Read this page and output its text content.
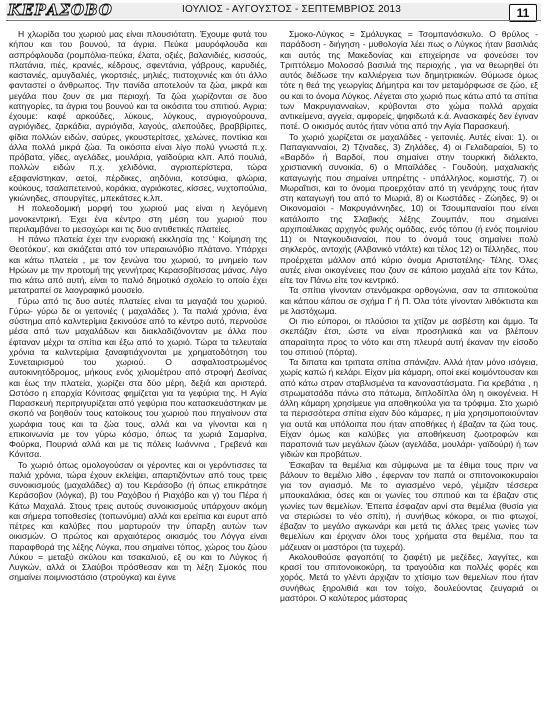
ΚΕΡΑΣΟΒΟ	ΙΟΥΛΙΟΣ - ΑΥΓΟΥΣΤΟΣ - ΣΕΠΤΕΜΒΡΙΟΣ 2013	11

Η χλωρίδα του χωριού μας είναι πλουσιότατη. Έχουμε φυτά του κήπου και του βουνού, τα άγρια. Πεύκα μαυρόφλουδα και ασπρόφλουδα (ρομπόλια-πεύκα, έλατα, οξιές, βαλανιδιές, κισσούς, πλατάνια, ιτιές, κρανιές, κέδρους, σφεντάνια, γάβρους, καρυδιές, καστανιές, αμυγδαλιές, γκορτσιές, μηλιές, πιστοχυνιές και ότι άλλο φανταστεί ο άνθρωπος. Την πανίδα αποτελούν τα ζώα, μικρά και μεγάλα που ζουν σε μια περιοχή. Τα ζώα χωρίζονται σε δυο κατηγορίες, τα άγρια του βουνού και τα οικόσιτα του σπιτιού. Αγρια: έχουμε: καφέ αρκούδες, λύκους, λύγκους, αγριογούρουνα, αγριόγιδες, ζαρκάδια, αγριόγιδα, λαγούς, αλεπούδες, βραββίριτες, φίδια πολλών ειδών, σαύρες, γκουστερίτσες, χελώνες, ποντίκια και άλλα πολλά μικρά ζώα. Τα οικόσιτα είναι λίγο πολύ γνωστά π.χ. πρόβατα, γίδες, αγελάδες, μουλάρια, γαϊδούρια κλπ. Από πουλιά, πολλών ειδών π.χ. χελιδόνια, αγριοπερίστερα, τώρα εξαφανίστηκαν, αετοί, πέρδικες, αηδόνια, κοτσύφια, φλώρια, κούκους, τσαλαπετεινού, κοράκια, αγριόκοτες, κίσσες, νυχτοπούλια, γκιώνηδες, σπουργίτες, μπεκάτσες κ.λπ.

Η πολεοδομική μορφή του χωριού μας είναι η λεγόμενη μονοκεντρική. Έχει ένα κέντρο στη μέση του χωριού που περιλαμβάνει το μεσοχώρι και τις δυο αντιθετικές πλατείες.

Η πάνω πλατεία έχει την ενοριακή εκκλησία της ‘ Κοίμηση της Θεοτόκου’, και σκιάζεται από τον υπεραιωνόβιο πλάτανο. Υπάρχει και κάτω πλατεία , με τον ξενώνα του χωριού, το μνημείο των Ηρώων με την προτομή της γεννήτρας Κερασοβίτισσας μάνας. Λίγο πιο κάτω από αυτή, είναι το παλιό δημοτικό σχολείο το οποίο έχει μετατραπεί σε λαογραφικό μουσείο.

Γύρω από τις δυο αυτές πλατείες είναι τα μαγαζιά του χωριού. Γύρω- γύρω δε οι γειτονιές ( μαχαλάδες ). Τα παλιά χρόνια, ένα σύστημα από καλντερίμια ξεκινούσε από το κέντρο αυτό, περνούσε μέσα από των μαχαλάδων και διακλαδιζόνονταν με άλλα που έφταναν μέχρι τα σπίτια και έξω από το χωριό. Τώρα τα τελευταία χρόνια τα καλντερίμια ξαναφτιάχνονται με χρηματοδότηση του Συνεταιρισμού του χωριού. Ο ασφαλτοστρωμένος αυτοκινητόδρομος, μήκους ενός χιλιομέτρου από στροφή Δεσίνας και έως την πλατεία, χωρίζει στα δύο μέρη, δεξιά και αριστερά. Ωστόσο η επαρχία Κόνιτσας φημίζεται για τα γεφύρια της. Η Αγία Παρασκευή περιτριγυρίζεται από γεφύρια που κατασκευάστηκαν με σκοπό να βοηθούν τους κατοίκους του χωριού που πηγαίνουν στα χωράφια τους και τα ζώα τους, αλλά και να γίνονται και η επικοινωνία με τον γύρω κόσμο, όπως τα χωριά Σαμαρίνα, Φούρκα, Πουρνιά αλλά και με τις πόλεις Ιωάννινα , Γρεβενά και Κόνιτσα.

Το χωριό όπως ομολογούσαν οι γέροντες και οι γερόντισσες τα παλιά χρόνια, τώρα έχουν εκλείψει, απαρτιζόντων από τους τρεις συνοικισμούς (μαχαλάδες) α) του Κεράσοβο (ή όπως επικράτησε Κεράσοβον (λόγκα), β) του Ραχόβου ή Ριαχόβο και γ) του Πέρα ή Κάτω Μαχαλά. Στους τρεις αυτούς συνοικισμούς υπάρχουν ακόμη και σήμερα τοποθεσίες (τοπωνύμια) αλλά και ερείπια και ευρυτ από πέτρες και καλύβες που μαρτυρούν την ύπαρξη αυτών των οικισμών. Ο πρώτος και αρχαιότερος οικισμός του Λόγγα είναι παραφθορά της λέξης Λύγκα, που σημαίνει τόπος, χώρος του ζώου Λύκου = μεταξύ σκύλου και τσακαλιού, εξ ου και το Λύγκος ή Λυγκών, αλλά οι Σλαύβοι πρόσθεσαν και τη λέξη Σμοκός που σημαίνει ποιμνιοστάσιο (στρούγκα) και έγινε

Σμοκο-Λύγκος = Σμόλυγκας = Τσομπανόσκυλο. Ο θρύλος - παράδοση - διήγηση - μυθολογία λέει πως ο Λύγκος ήταν βασιλιάς και αυτός της Μακεδονίας και επιχείρησε να φονεύσει τον Τριπτόλεμο Μολοσσό βασιλιά της περιοχής , για να θεωρηθεί ότι αυτός διέδωσε την καλλιέργεια των δημητριακών. Θύμωσε όμως τότε η θεά της γεωργίας Δήμητρα και τον μεταμόρφωσε σε ζώο, εξ ου και το όνομα Λύγκος. Λέγεται στο χωριό πως κάτω από τα σπίτια των Μακρυγιανναίων, κρύβονται στο χώμα πολλά αρχαία αντικείμενα, αγγεία, αμφορείς, ψηφιδωτά κ.ά. Ανασκαφές δεν έγιναν ποτέ. Ο οικισμός αυτός ήταν νότια από την Αγία Παρασκευή.

Το χωριό χωρίζεται σε μαχαλάδες - γειτονιές. Αυτές είναι: 1). οι Παπαγιανναίοι, 2) Τζιναδες, 3) Ζηλάδες, 4) οι Γελαδαραίοι, 5) το «Βαρδό» ή Βαρδοί, που σημαίνει στην τουρκική διάλεκτο, χριστιανική συνοικία, 6) ο Μπαϊλάδες - Γουδούη, μαχαλιακής καταγωγής που σημαίνει υπηρέτης - υπάλληλος, κομιστής, 7) οι Μωραΐτισι, και το όνομα προερχόταν από τη γενάρχης τους ήταν στη καταγωγή του από το Μωριά, 8) οι Κωστάδες - Ζώηδες, 9) οι Οικονομαίοι - Μακρυγιάννηδες, 10) οι Τσουμπαναίοι που είναι κατάλοιπο της Σλαβικής λέξης Ζουμπάν, που σημαίνει αρχιποιέλικας αρχηγός φυλής ομάδας, ενός τόπου (ή ενός ποιμνίου 11) οι Νταγκουδιαναίοι, που το όνομά τους σημαίνει πολύ σηκλερός, αντοχής (Αλβανικό ντάλτε) και τέλος 12) οι Τέλληδες, που προέρχεται μάλλον από κύριο όνομα Αριστοτέλης- Τέλης. Όλες αυτές είναι οικογένειες που ζουν σε κάποιο μαχαλά είτε τον Κάτω, είτε τον Πάνω είτε τον κεντρικό.

Τα σπίτια γίνονταν στενόμακρα ορθογώνια, σαν τα σπιτοκούτια και κάπου κάπου σε σχήμα Γ ή Π. Όλα τότε γίνονταν λιθόκτιστα και με λαστόχωμα.

Οι πιο εύποροι, οι πλούσιοι τα χτίζαν με ασβέστη και άμμο. Τα σκεπάζαν έτσι, ώστε να είναι προσηλιακά και να βλέπουν απαραίτητα προς το νότο και στη πλευρά αυτή έκαναν την είσοδο του σπιτιού (πόρτα).

Τα διπατα και τριπατα σπίτια σπάνιζαν. Αλλά ήταν μόνο ισόγεια, χωρίς καπώ ή κελάρι. Είχαν μία κάμαρη, οποί εκεί κοιμόντουσαν και από κάτω στραν σταβλισμένα τα κανοναστάσματα. Για κρεβάτια , η στρωματσάδα πάνω στο πάτωμα, διπλοδίπλα όλη η οικογένεια. Η άλλη κάμαρη χρησίμευε για αποθηκούλα για τα τρόφιμα. Στο χωριό τα περισσότερα σπίτια είχαν δύο κάμαρες, η μία χρησιμοποιούνταν για ουτά και υπόλοιπα που ήταν αποθήκες ή έβαζαν τα ζώα τους. Είχαν όμως και καλύβες για αποθήκευση ζωοτροφών και παραπονιά των μεγάλων ζώων (αγελάδα, μουλάρι- γαϊδούρι) ή των γιδιών και προβάτων.

Έσκαβαν τα θεμέλια και σύμφωνα με τα έθιμα τους πριν να βάλουν το θεμέλιο λίθο , έφερναν τον παπά οι σπιτονοικοκυραίοι για τον αγιασμό. Με το αγιασμένο νερό, γέμιζαν τέσσερα μπουκαλάκια, όσες και οι γωνίες του σπιτιού και τα έβαζαν στις γωνίες των θεμελίων. Έπειτα έσφαζαν αρνί στα θεμέλια (θυσία για να στεριώσει το νέο σπίτι), ή συνήθως κόκορα, οι πιο φτωχοί, έβαζαν το μεγάλο αγκωνάρι και μετά τις άλλες τρεις γωνίες των θεμελίων και έριχναν όλοι τους χρήματα στα θεμέλια, που τα μάζευαν οι μαστόροι (τα τυχερά).

Ακολουθούσε φαγοπότι( το ζιαφέτι) με μεζέδες, λαγγίτες, και κρασί του σπιτονοικοκύρη, τα τραγούδια και πολλές φορές και χορός. Μετά το γλέντι άρχιζαν το χτίσιμο των θεμελίων που ήταν συνήθως ξηρολιθιά και τον τοίχο, δουλεύοντας ζευγαριά οι μαστόροι. Ο καλύτερος μάστορας
